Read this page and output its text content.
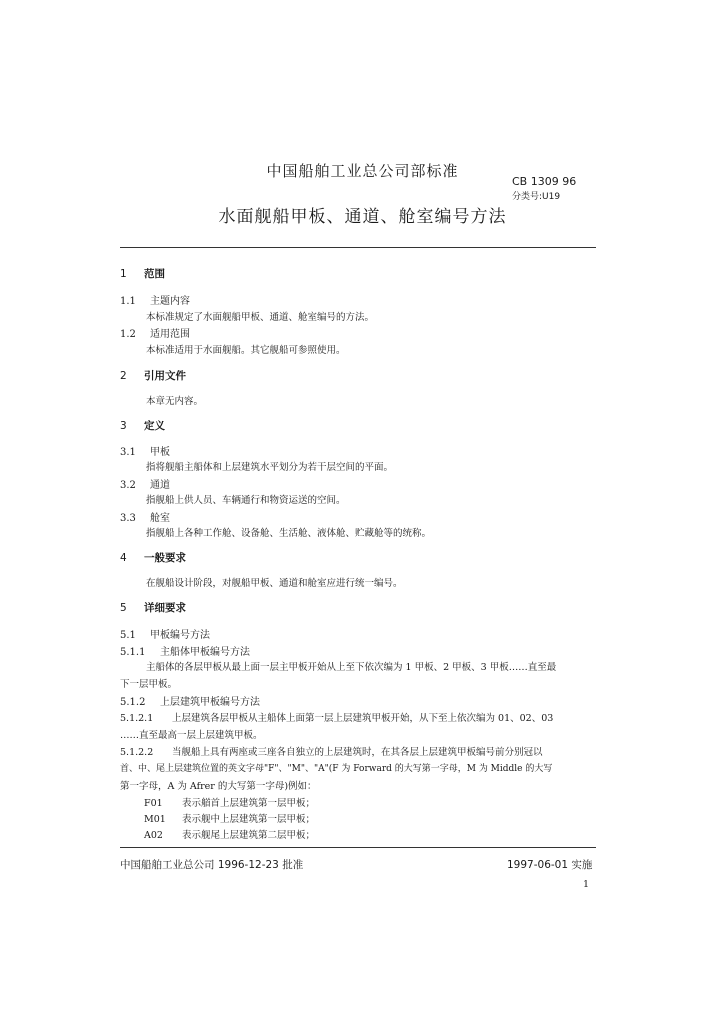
中国船舶工业总公司部标准
CB 1309 96
分类号:U19
水面舰船甲板、通道、舱室编号方法
1 范围
1.1 主题内容
本标准规定了水面舰船甲板、通道、舱室编号的方法。
1.2 适用范围
本标准适用于水面舰船。其它舰船可参照使用。
2 引用文件
本章无内容。
3 定义
3.1 甲板
指将舰船主船体和上层建筑水平划分为若干层空间的平面。
3.2 通道
指舰船上供人员、车辆通行和物资运送的空间。
3.3 舱室
指舰船上各种工作舱、设备舱、生活舱、液体舱、贮藏舱等的统称。
4 一般要求
在舰船设计阶段，对舰船甲板、通道和舱室应进行统一编号。
5 详细要求
5.1 甲板编号方法
5.1.1 主船体甲板编号方法
主船体的各层甲板从最上面一层主甲板开始从上至下依次编为 1 甲板、2 甲板、3 甲板……直至最
下一层甲板。
5.1.2 上层建筑甲板编号方法
5.1.2.1 上层建筑各层甲板从主船体上面第一层上层建筑甲板开始，从下至上依次编为 01、02、03
……直至最高一层上层建筑甲板。
5.1.2.2 当舰船上具有两座或三座各自独立的上层建筑时，在其各层上层建筑甲板编号前分别冠以
首、中、尾上层建筑位置的英文字母"F"、"M"、"A"(F 为 Forward 的大写第一字母，M 为 Middle 的大写
第一字母，A 为 Afrer 的大写第一字母)例如：
F01 表示艏首上层建筑第一层甲板；
M01 表示舰中上层建筑第一层甲板；
A02 表示舰尾上层建筑第二层甲板；
中国船舶工业总公司 1996-12-23 批准	1997-06-01 实施
1
